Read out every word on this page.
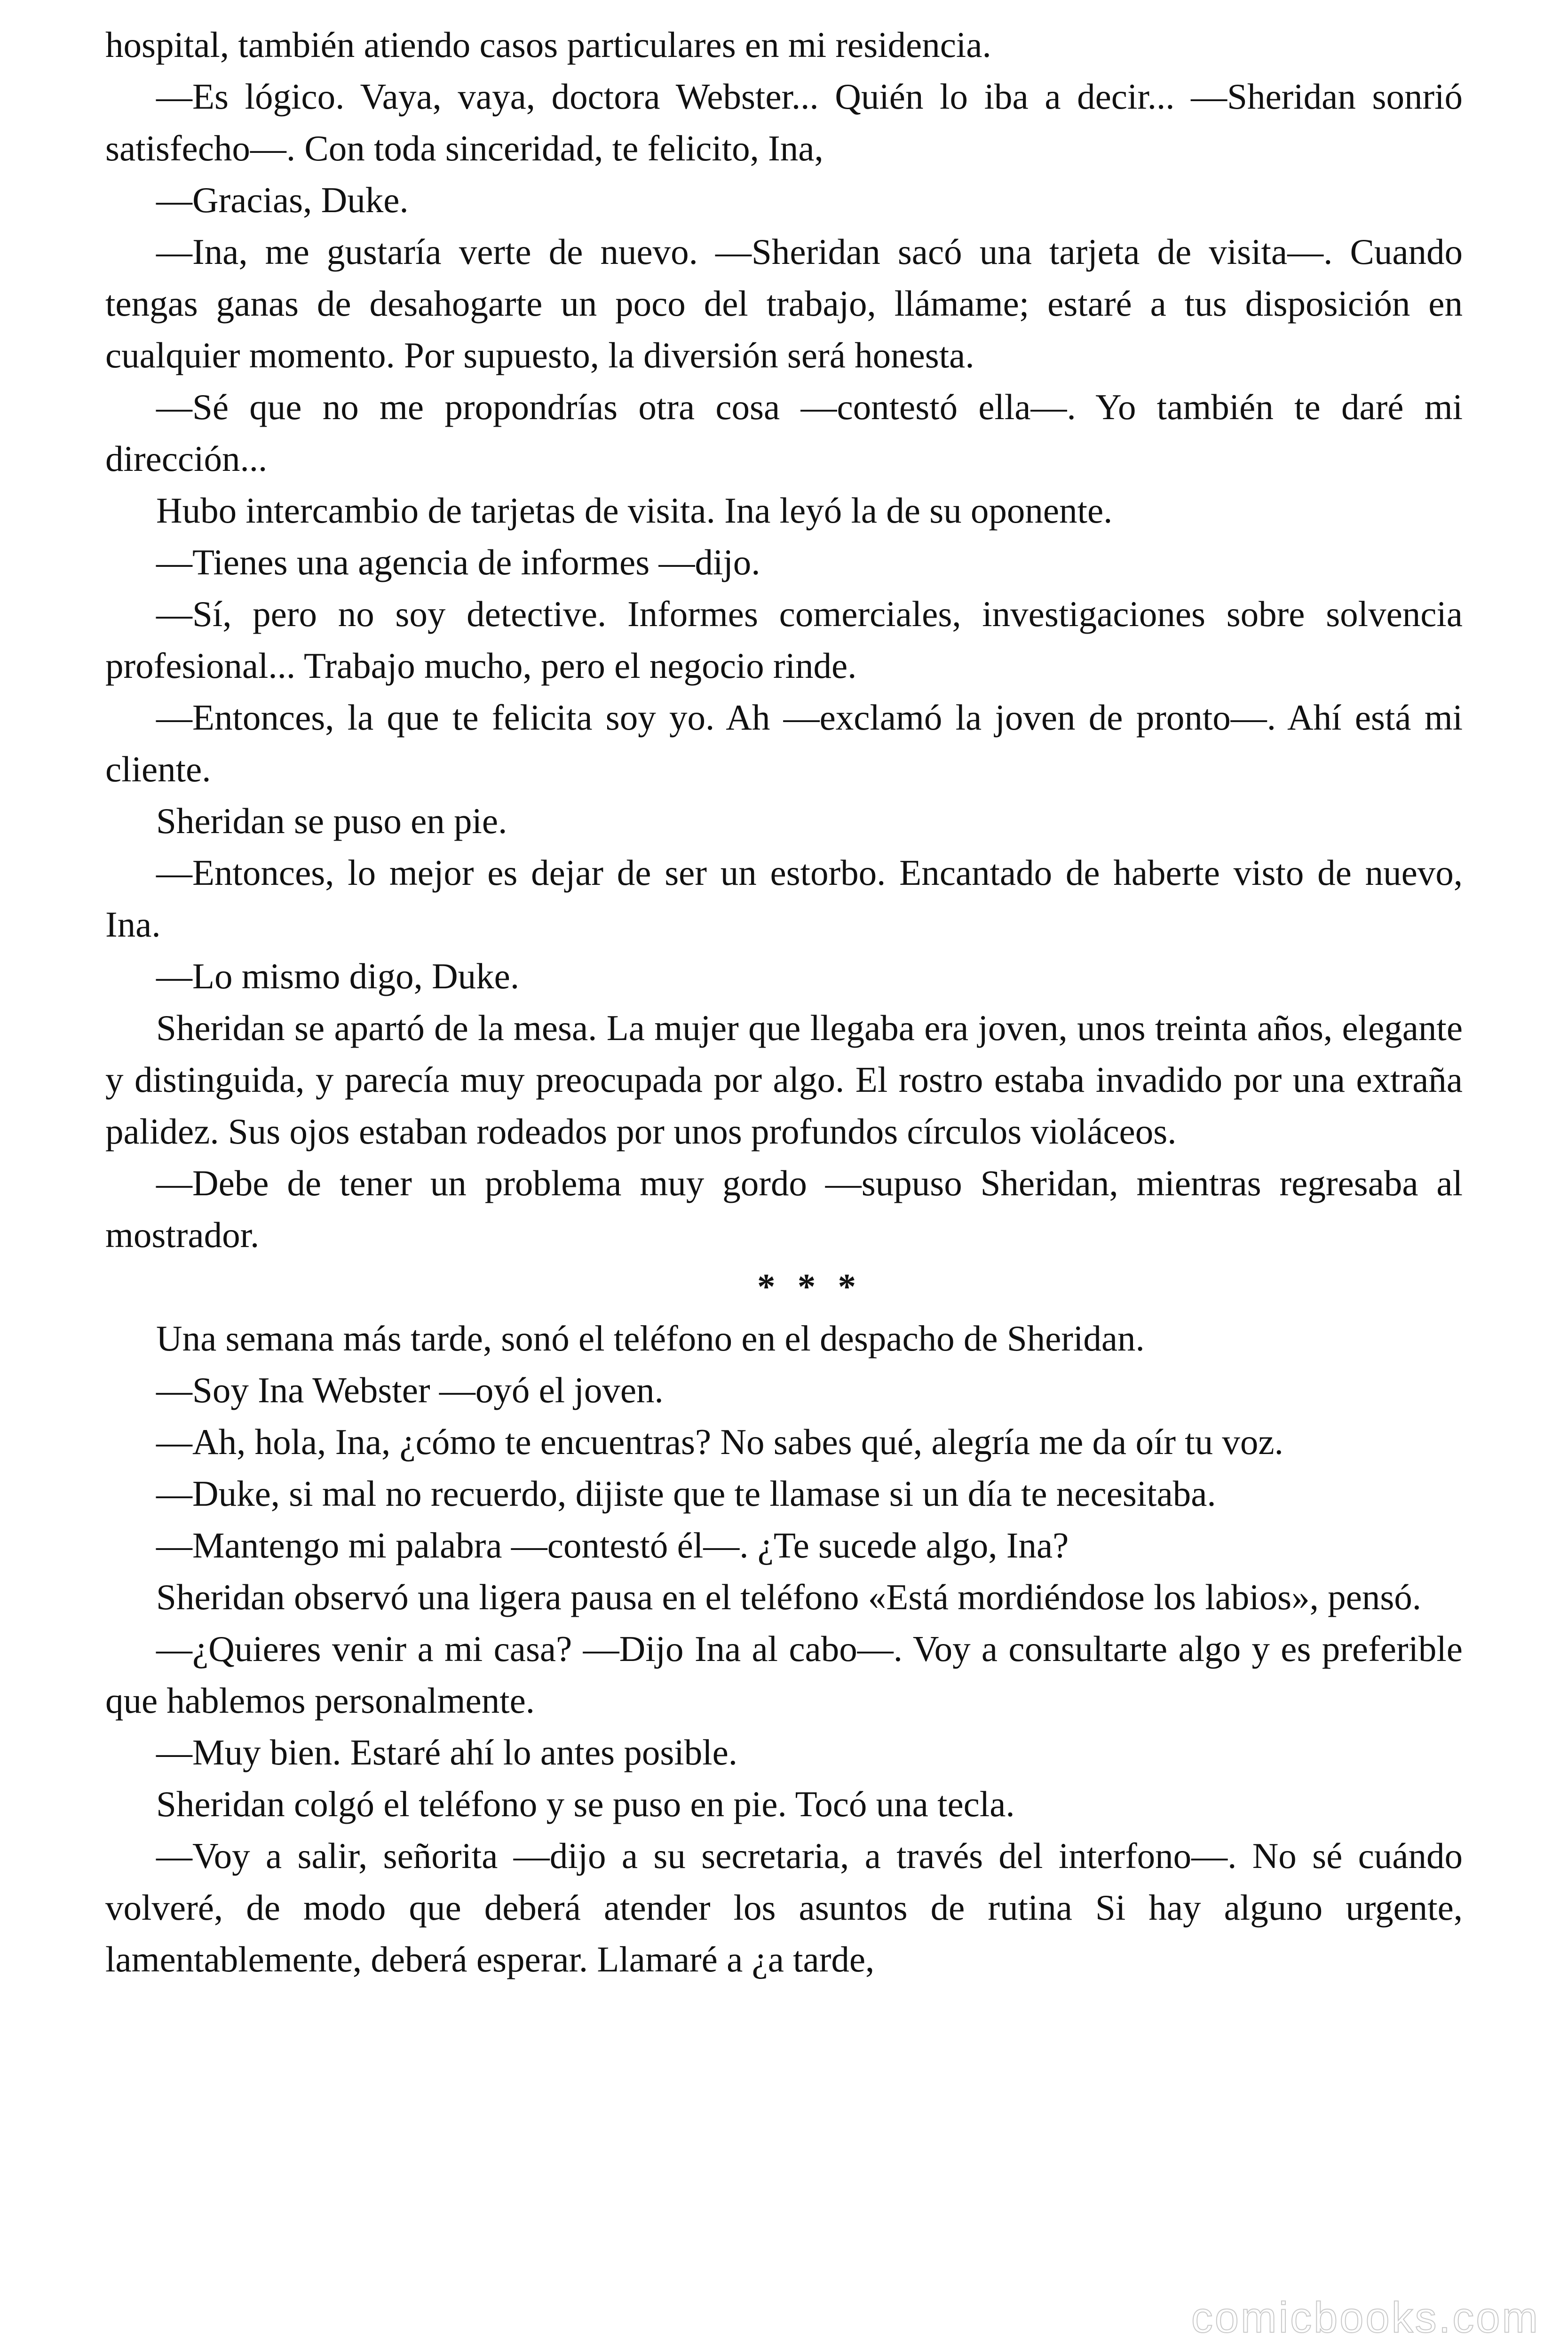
hospital, también atiendo casos particulares en mi residencia.

—Es lógico. Vaya, vaya, doctora Webster... Quién lo iba a decir... —Sheridan sonrió satisfecho—. Con toda sinceridad, te felicito, Ina,

—Gracias, Duke.

—Ina, me gustaría verte de nuevo. —Sheridan sacó una tarjeta de visita—. Cuando tengas ganas de desahogarte un poco del trabajo, llámame; estaré a tus disposición en cualquier momento. Por supuesto, la diversión será honesta.

—Sé que no me propondrías otra cosa —contestó ella—. Yo también te daré mi dirección...

Hubo intercambio de tarjetas de visita. Ina leyó la de su oponente.

—Tienes una agencia de informes —dijo.

—Sí, pero no soy detective. Informes comerciales, investigaciones sobre solvencia profesional... Trabajo mucho, pero el negocio rinde.

—Entonces, la que te felicita soy yo. Ah —exclamó la joven de pronto—. Ahí está mi cliente.

Sheridan se puso en pie.

—Entonces, lo mejor es dejar de ser un estorbo. Encantado de haberte visto de nuevo, Ina.

—Lo mismo digo, Duke.

Sheridan se apartó de la mesa. La mujer que llegaba era joven, unos treinta años, elegante y distinguida, y parecía muy preocupada por algo. El rostro estaba invadido por una extraña palidez. Sus ojos estaban rodeados por unos profundos círculos violáceos.

—Debe de tener un problema muy gordo —supuso Sheridan, mientras regresaba al mostrador.

* * *

Una semana más tarde, sonó el teléfono en el despacho de Sheridan.

—Soy Ina Webster —oyó el joven.

—Ah, hola, Ina, ¿cómo te encuentras? No sabes qué, alegría me da oír tu voz.

—Duke, si mal no recuerdo, dijiste que te llamase si un día te necesitaba.

—Mantengo mi palabra —contestó él—. ¿Te sucede algo, Ina?

Sheridan observó una ligera pausa en el teléfono «Está mordiéndose los labios», pensó.

—¿Quieres venir a mi casa? —Dijo Ina al cabo—. Voy a consultarte algo y es preferible que hablemos personalmente.

—Muy bien. Estaré ahí lo antes posible.

Sheridan colgó el teléfono y se puso en pie. Tocó una tecla.

—Voy a salir, señorita —dijo a su secretaria, a través del interfono—. No sé cuándo volveré, de modo que deberá atender los asuntos de rutina Si hay alguno urgente, lamentablemente, deberá esperar. Llamaré a ¿a tarde,

comicbooks.com
